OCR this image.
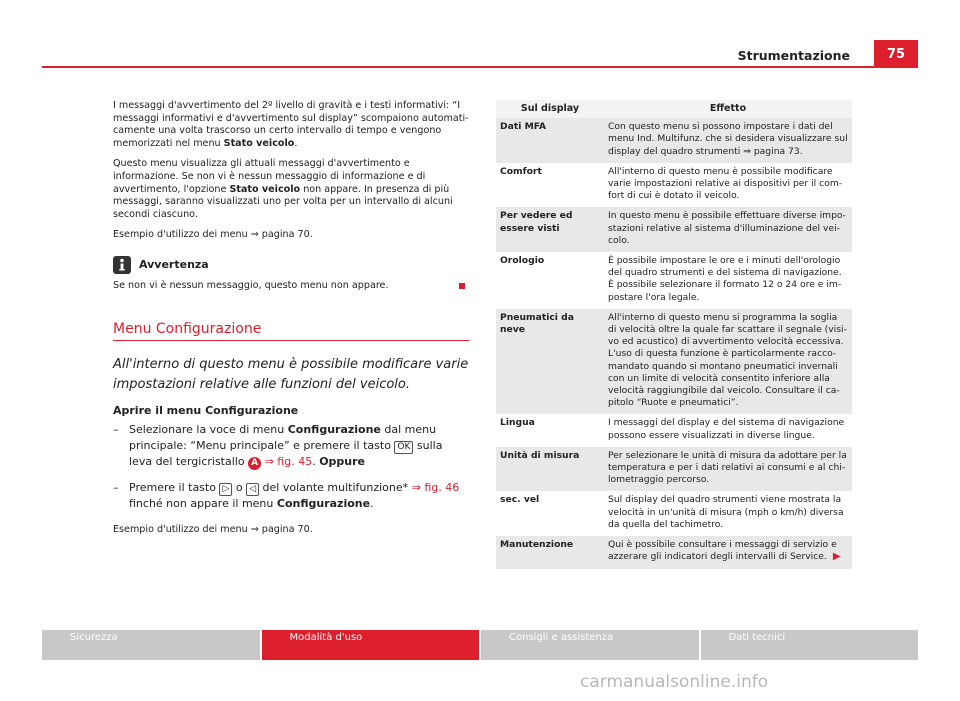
75
Strumentazione

I messaggi d'avvertimento del 2º livello di gravità e i testi informativi: “I messaggi informativi e d'avvertimento sul display” scompaiono automaticamente una volta trascorso un certo intervallo di tempo e vengono memorizzati nel menu Stato veicolo.

Questo menu visualizza gli attuali messaggi d'avvertimento e informazione. Se non vi è nessun messaggio di informazione e di avvertimento, l'opzione Stato veicolo non appare. In presenza di più messaggi, saranno visualizzati uno per volta per un intervallo di alcuni secondi ciascuno.

Esempio d'utilizzo dei menu ⇒ pagina 70.

Avvertenza
Se non vi è nessun messaggio, questo menu non appare.
Menu Configurazione
All'interno di questo menu è possibile modificare varie impostazioni relative alle funzioni del veicolo.
Aprire il menu Configurazione
– Selezionare la voce di menu Configurazione dal menu principale: “Menu principale” e premere il tasto OK sulla leva del tergicristallo A ⇒ fig. 45. Oppure
– Premere il tasto ▷ o ◁ del volante multifunzione* ⇒ fig. 46 finché non appare il menu Configurazione.

Esempio d'utilizzo dei menu ⇒ pagina 70.

Sul display	Effetto
Dati MFA	Con questo menu si possono impostare i dati del menu Ind. Multifunz. che si desidera visualizzare sul display del quadro strumenti ⇒ pagina 73.
Comfort	All'interno di questo menu è possibile modificare varie impostazioni relative ai dispositivi per il comfort di cui è dotato il veicolo.
Per vedere ed essere visti	In questo menu è possibile effettuare diverse impostazioni relative al sistema d'illuminazione del veicolo.
Orologio	È possibile impostare le ore e i minuti dell'orologio del quadro strumenti e del sistema di navigazione. È possibile selezionare il formato 12 o 24 ore e impostare l'ora legale.
Pneumatici da neve	All'interno di questo menu si programma la soglia di velocità oltre la quale far scattare il segnale (visivo ed acustico) di avvertimento velocità eccessiva. L'uso di questa funzione è particolarmente raccomandato quando si montano pneumatici invernali con un limite di velocità consentito inferiore alla velocità raggiungibile dal veicolo. Consultare il capitolo “Ruote e pneumatici”.
Lingua	I messaggi del display e del sistema di navigazione possono essere visualizzati in diverse lingue.
Unità di misura	Per selezionare le unità di misura da adottare per la temperatura e per i dati relativi ai consumi e al chilometraggio percorso.
sec. vel	Sul display del quadro strumenti viene mostrata la velocità in un'unità di misura (mph o km/h) diversa da quella del tachimetro.
Manutenzione	Qui è possibile consultare i messaggi di servizio e azzerare gli indicatori degli intervalli di Service. ▶
Sicurezza	Modalità d'uso	Consigli e assistenza	Dati tecnici
carmanualsonline.info
